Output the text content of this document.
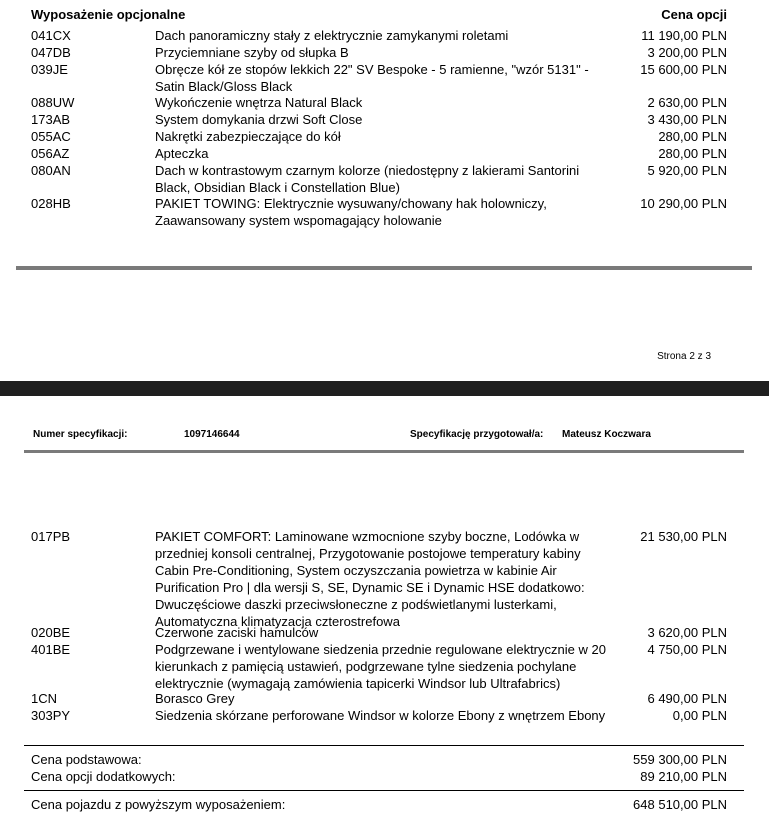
Wyposażenie opcjonalne	Cena opcji
041CX	Dach panoramiczny stały z elektrycznie zamykanymi roletami	11 190,00 PLN
047DB	Przyciemniane szyby od słupka B	3 200,00 PLN
039JE	Obręcze kół ze stopów lekkich 22" SV Bespoke - 5 ramienne, "wzór 5131" - Satin Black/Gloss Black
15 600,00 PLN
088UW	Wykończenie wnętrza Natural Black	2 630,00 PLN
173AB	System domykania drzwi Soft Close	3 430,00 PLN
055AC	Nakrętki zabezpieczające do kół	280,00 PLN
056AZ	Apteczka	280,00 PLN
080AN	Dach w kontrastowym czarnym kolorze (niedostępny z lakierami Santorini Black, Obsidian Black i Constellation Blue)
5 920,00 PLN
028HB	PAKIET TOWING: Elektrycznie wysuwany/chowany hak holowniczy, Zaawansowany system wspomagający holowanie
10 290,00 PLN
Strona 2 z 3
Numer specyfikacji:	1097146644	Specyfikację przygotował/a: Mateusz Koczwara
017PB	PAKIET COMFORT: Laminowane wzmocnione szyby boczne, Lodówka w przedniej konsoli centralnej, Przygotowanie postojowe temperatury kabiny Cabin Pre-Conditioning, System oczyszczania powietrza w kabinie Air Purification Pro | dla wersji S, SE, Dynamic SE i Dynamic HSE dodatkowo: Dwuczęściowe daszki przeciwsłoneczne z podświetlanymi lusterkami, Automatyczna klimatyzacja czterostrefowa
21 530,00 PLN
020BE	Czerwone zaciski hamulców	3 620,00 PLN
401BE	Podgrzewane i wentylowane siedzenia przednie regulowane elektrycznie w 20 kierunkach z pamięcią ustawień, podgrzewane tylne siedzenia pochylane elektrycznie (wymagają zamówienia tapicerki Windsor lub Ultrafabrics)
4 750,00 PLN
1CN	Borasco Grey	6 490,00 PLN
303PY	Siedzenia skórzane perforowane Windsor w kolorze Ebony z wnętrzem Ebony	0,00 PLN
Cena podstawowa:	559 300,00 PLN
Cena opcji dodatkowych:	89 210,00 PLN
Cena pojazdu z powyższym wyposażeniem:	648 510,00 PLN
